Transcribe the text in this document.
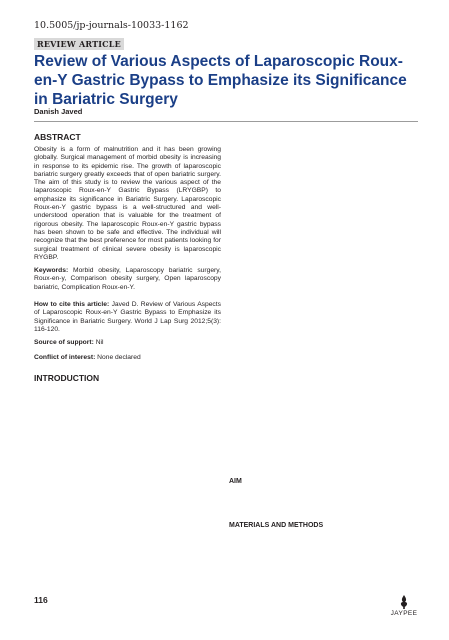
10.5005/jp-journals-10033-1162
REVIEW ARTICLE
Review of Various Aspects of Laparoscopic Roux-en-Y Gastric Bypass to Emphasize its Significance in Bariatric Surgery
Danish Javed
ABSTRACT
Obesity is a form of malnutrition and it has been growing globally. Surgical management of morbid obesity is increasing in response to its epidemic rise. The growth of laparoscopic bariatric surgery greatly exceeds that of open bariatric surgery. The aim of this study is to review the various aspect of the laparoscopic Roux-en-Y Gastric Bypass (LRYGBP) to emphasize its significance in Bariatric Surgery. Laparoscopic Roux-en-Y gastric bypass is a well-structured and well-understood operation that is valuable for the treatment of rigorous obesity. The laparoscopic Roux-en-Y gastric bypass has been shown to be safe and effective. The individual will recognize that the best preference for most patients looking for surgical treatment of clinical severe obesity is laparoscopic RYGBP.
Keywords: Morbid obesity, Laparoscopy bariatric surgery, Roux-en-y, Comparison obesity surgery, Open laparoscopy bariatric, Complication Roux-en-Y.
How to cite this article: Javed D. Review of Various Aspects of Laparoscopic Roux-en-Y Gastric Bypass to Emphasize its Significance in Bariatric Surgery. World J Lap Surg 2012;5(3): 116-120.
Source of support: Nil
Conflict of interest: None declared
INTRODUCTION
AIM
MATERIALS AND METHODS
116
JAYPEE
